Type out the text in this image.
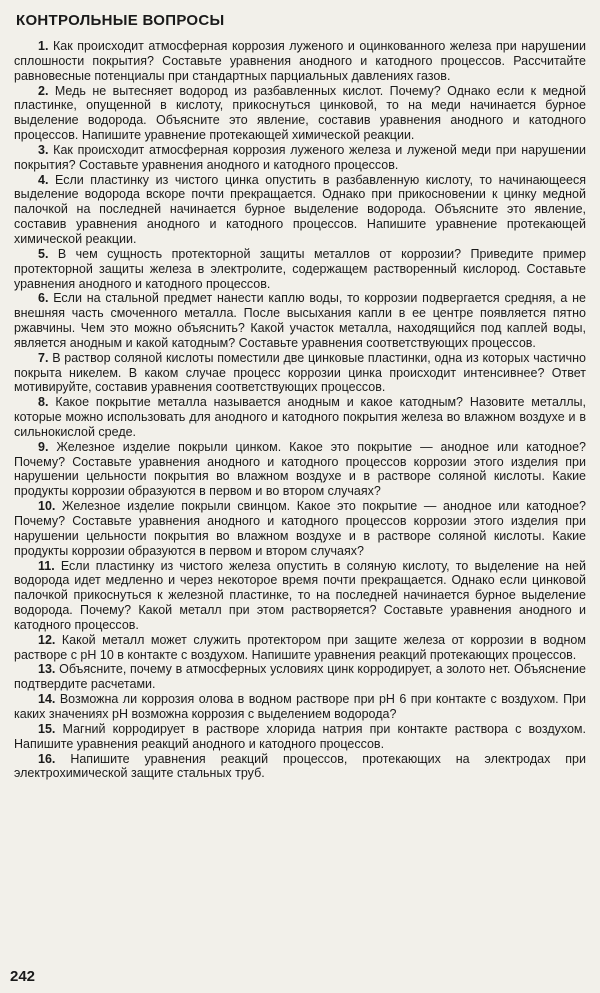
КОНТРОЛЬНЫЕ ВОПРОСЫ

1. Как происходит атмосферная коррозия луженого и оцинкованного железа при нарушении сплошности покрытия? Составьте уравнения анодного и катодного процессов. Рассчитайте равновесные потенциалы при стандартных парциальных давлениях газов.

2. Медь не вытесняет водород из разбавленных кислот. Почему? Однако если к медной пластинке, опущенной в кислоту, прикоснуться цинковой, то на меди начинается бурное выделение водорода. Объясните это явление, составив уравнения анодного и катодного процессов. Напишите уравнение протекающей химической реакции.

3. Как происходит атмосферная коррозия луженого железа и луженой меди при нарушении покрытия? Составьте уравнения анодного и катодного процессов.

4. Если пластинку из чистого цинка опустить в разбавленную кислоту, то начинающееся выделение водорода вскоре почти прекращается. Однако при прикосновении к цинку медной палочкой на последней начинается бурное выделение водорода. Объясните это явление, составив уравнения анодного и катодного процессов. Напишите уравнение протекающей химической реакции.

5. В чем сущность протекторной защиты металлов от коррозии? Приведите пример протекторной защиты железа в электролите, содержащем растворенный кислород. Составьте уравнения анодного и катодного процессов.

6. Если на стальной предмет нанести каплю воды, то коррозии подвергается средняя, а не внешняя часть смоченного металла. После высыхания капли в ее центре появляется пятно ржавчины. Чем это можно объяснить? Какой участок металла, находящийся под каплей воды, является анодным и какой катодным? Составьте уравнения соответствующих процессов.

7. В раствор соляной кислоты поместили две цинковые пластинки, одна из которых частично покрыта никелем. В каком случае процесс коррозии цинка происходит интенсивнее? Ответ мотивируйте, составив уравнения соответствующих процессов.

8. Какое покрытие металла называется анодным и какое катодным? Назовите металлы, которые можно использовать для анодного и катодного покрытия железа во влажном воздухе и в сильнокислой среде.

9. Железное изделие покрыли цинком. Какое это покрытие — анодное или катодное? Почему? Составьте уравнения анодного и катодного процессов коррозии этого изделия при нарушении цельности покрытия во влажном воздухе и в растворе соляной кислоты. Какие продукты коррозии образуются в первом и во втором случаях?

10. Железное изделие покрыли свинцом. Какое это покрытие — анодное или катодное? Почему? Составьте уравнения анодного и катодного процессов коррозии этого изделия при нарушении цельности покрытия во влажном воздухе и в растворе соляной кислоты. Какие продукты коррозии образуются в первом и втором случаях?

11. Если пластинку из чистого железа опустить в соляную кислоту, то выделение на ней водорода идет медленно и через некоторое время почти прекращается. Однако если цинковой палочкой прикоснуться к железной пластинке, то на последней начинается бурное выделение водорода. Почему? Какой металл при этом растворяется? Составьте уравнения анодного и катодного процессов.

12. Какой металл может служить протектором при защите железа от коррозии в водном растворе с pH 10 в контакте с воздухом. Напишите уравнения реакций протекающих процессов.

13. Объясните, почему в атмосферных условиях цинк корродирует, а золото нет. Объяснение подтвердите расчетами.

14. Возможна ли коррозия олова в водном растворе при pH 6 при контакте с воздухом. При каких значениях pH возможна коррозия с выделением водорода?

15. Магний корродирует в растворе хлорида натрия при контакте раствора с воздухом. Напишите уравнения реакций анодного и катодного процессов.

16. Напишите уравнения реакций процессов, протекающих на электродах при электрохимической защите стальных труб.

242
